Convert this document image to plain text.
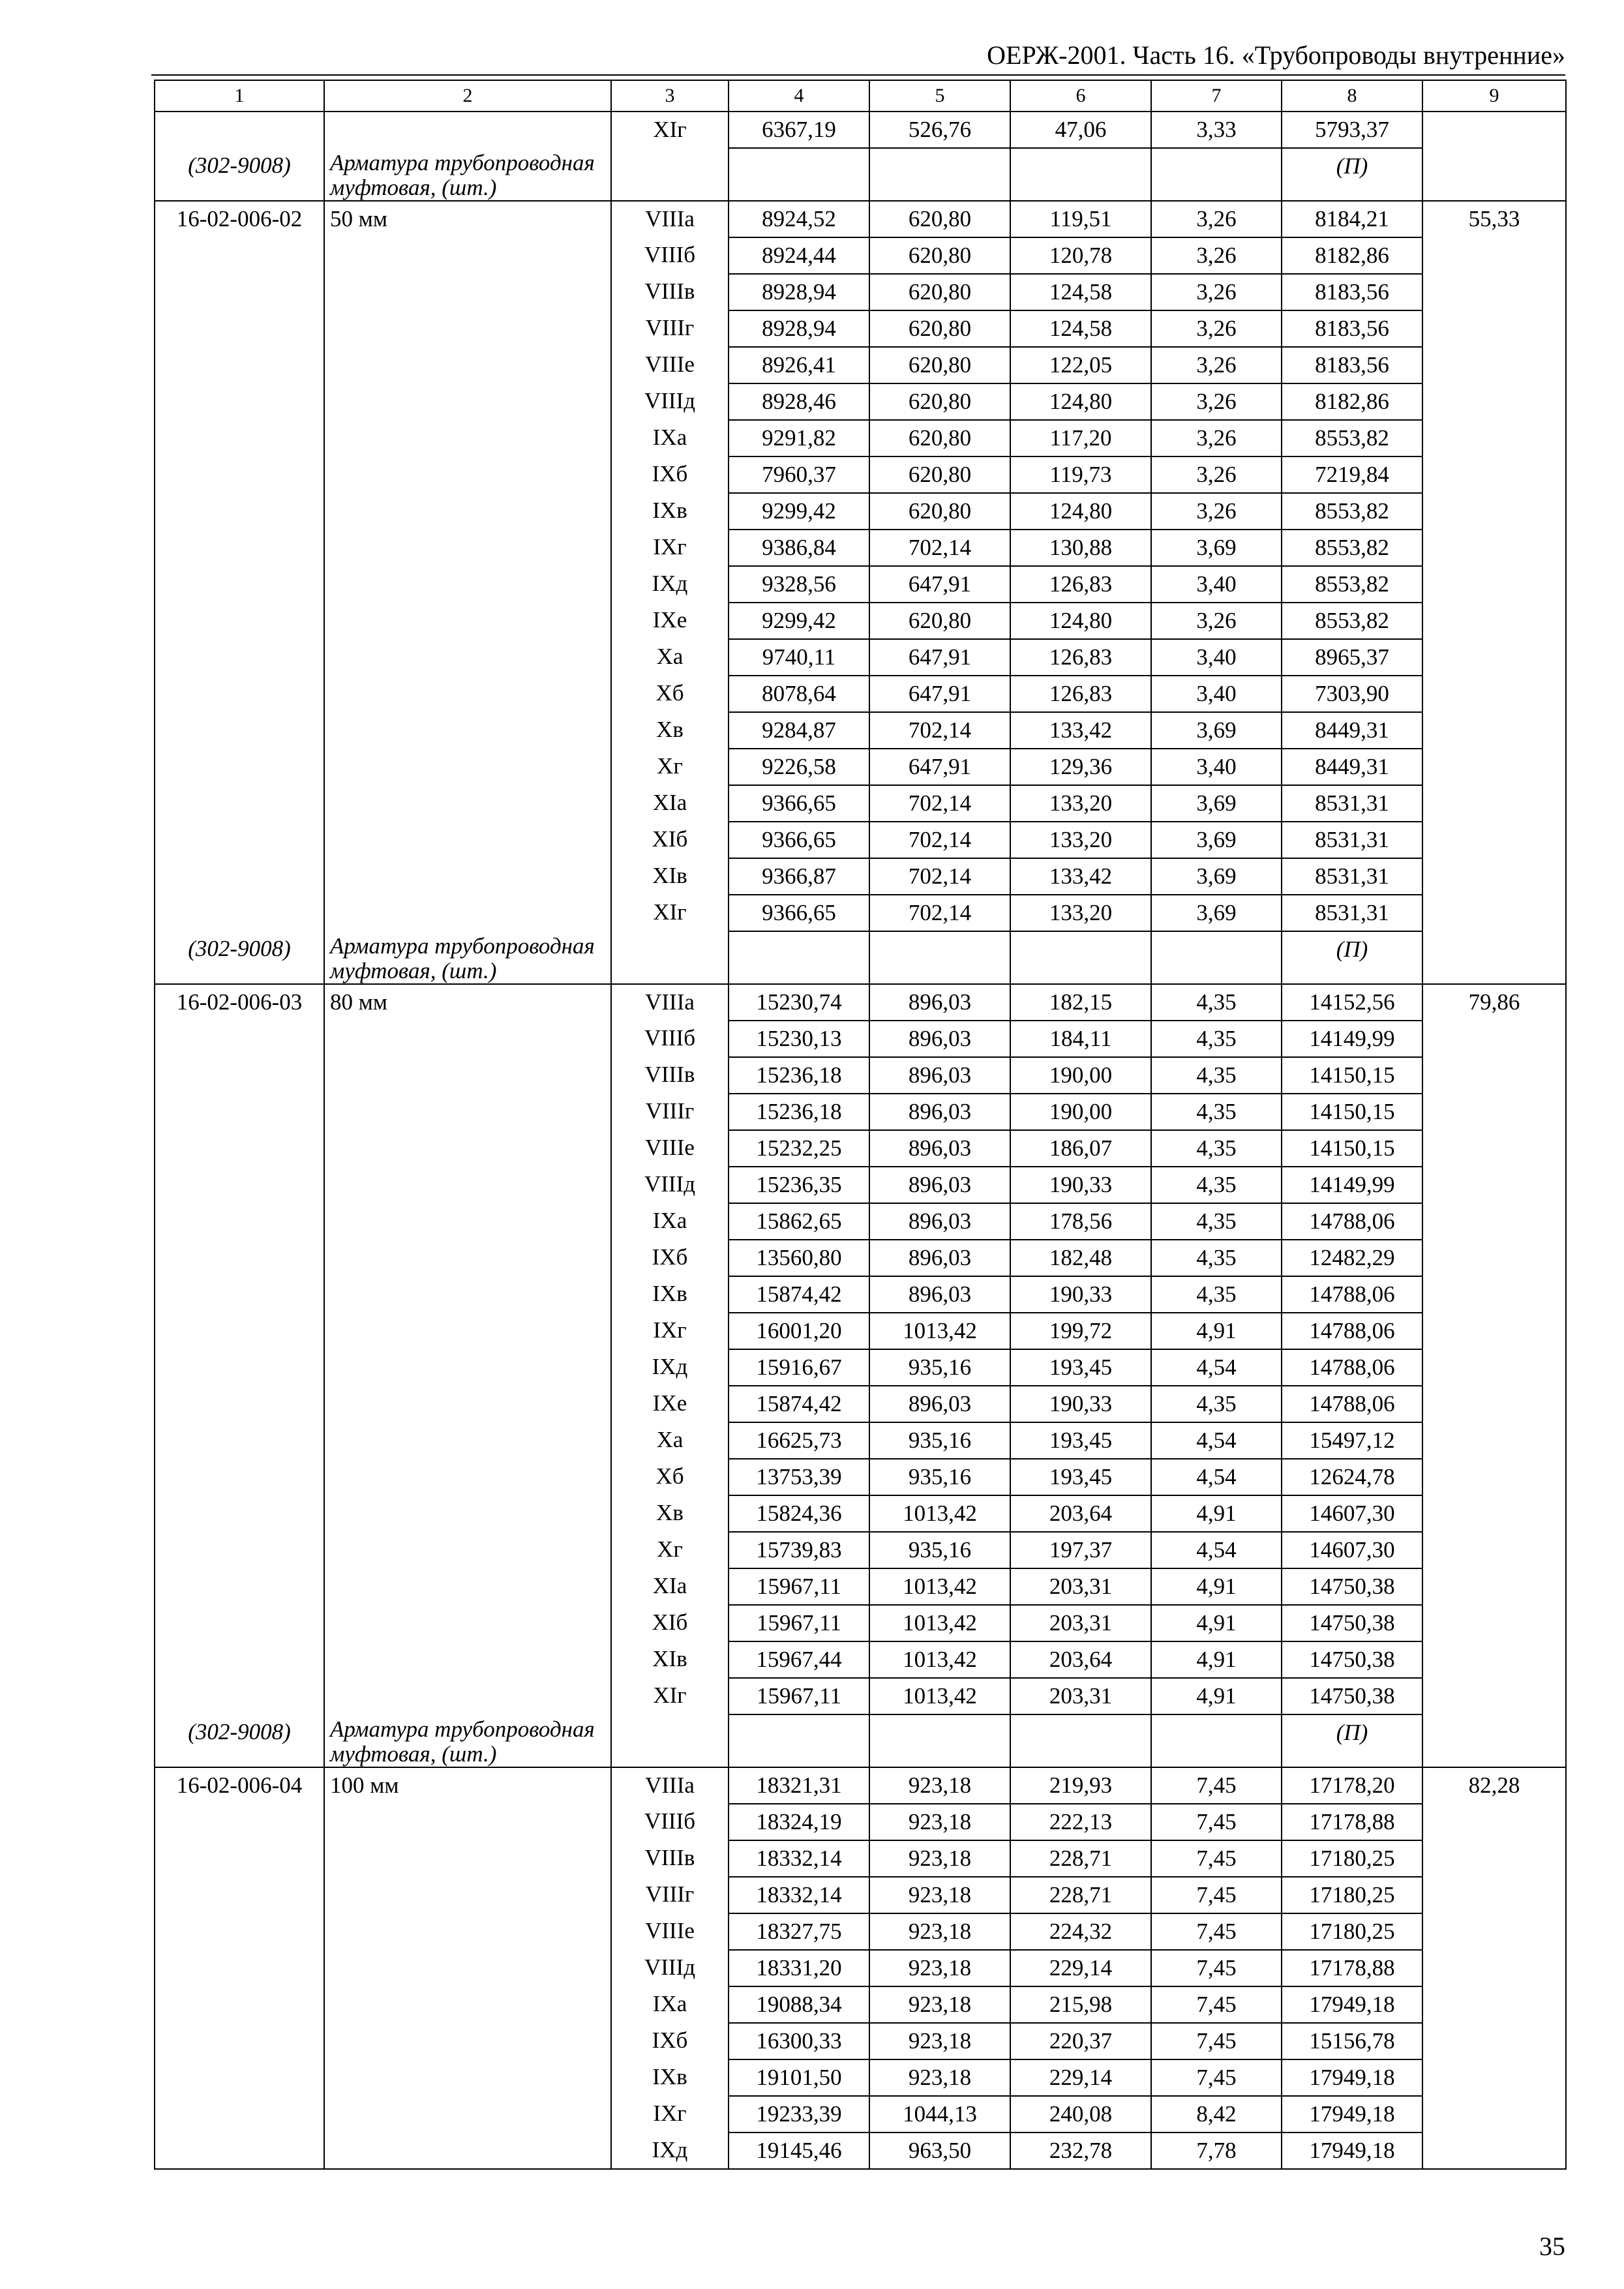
ОЕРЖ-2001. Часть 16. «Трубопроводы внутренние»
1	2	3	4	5	6	7	8	9
		XIг	6367,19	526,76	47,06	3,33	5793,37	
(302-9008)	Арматура трубопроводная муфтовая, (шт.)						(П)	
16-02-006-02	50 мм	VIIIа	8924,52	620,80	119,51	3,26	8184,21	55,33
		VIIIб	8924,44	620,80	120,78	3,26	8182,86	
		VIIIв	8928,94	620,80	124,58	3,26	8183,56	
		VIIIг	8928,94	620,80	124,58	3,26	8183,56	
		VIIIе	8926,41	620,80	122,05	3,26	8183,56	
		VIIIд	8928,46	620,80	124,80	3,26	8182,86	
		IXа	9291,82	620,80	117,20	3,26	8553,82	
		IXб	7960,37	620,80	119,73	3,26	7219,84	
		IXв	9299,42	620,80	124,80	3,26	8553,82	
		IXг	9386,84	702,14	130,88	3,69	8553,82	
		IXд	9328,56	647,91	126,83	3,40	8553,82	
		IXе	9299,42	620,80	124,80	3,26	8553,82	
		Xа	9740,11	647,91	126,83	3,40	8965,37	
		Xб	8078,64	647,91	126,83	3,40	7303,90	
		Xв	9284,87	702,14	133,42	3,69	8449,31	
		Xг	9226,58	647,91	129,36	3,40	8449,31	
		XIа	9366,65	702,14	133,20	3,69	8531,31	
		XIб	9366,65	702,14	133,20	3,69	8531,31	
		XIв	9366,87	702,14	133,42	3,69	8531,31	
		XIг	9366,65	702,14	133,20	3,69	8531,31	
(302-9008)	Арматура трубопроводная муфтовая, (шт.)						(П)	
16-02-006-03	80 мм	VIIIа	15230,74	896,03	182,15	4,35	14152,56	79,86
		VIIIб	15230,13	896,03	184,11	4,35	14149,99	
		VIIIв	15236,18	896,03	190,00	4,35	14150,15	
		VIIIг	15236,18	896,03	190,00	4,35	14150,15	
		VIIIе	15232,25	896,03	186,07	4,35	14150,15	
		VIIIд	15236,35	896,03	190,33	4,35	14149,99	
		IXа	15862,65	896,03	178,56	4,35	14788,06	
		IXб	13560,80	896,03	182,48	4,35	12482,29	
		IXв	15874,42	896,03	190,33	4,35	14788,06	
		IXг	16001,20	1013,42	199,72	4,91	14788,06	
		IXд	15916,67	935,16	193,45	4,54	14788,06	
		IXе	15874,42	896,03	190,33	4,35	14788,06	
		Xа	16625,73	935,16	193,45	4,54	15497,12	
		Xб	13753,39	935,16	193,45	4,54	12624,78	
		Xв	15824,36	1013,42	203,64	4,91	14607,30	
		Xг	15739,83	935,16	197,37	4,54	14607,30	
		XIа	15967,11	1013,42	203,31	4,91	14750,38	
		XIб	15967,11	1013,42	203,31	4,91	14750,38	
		XIв	15967,44	1013,42	203,64	4,91	14750,38	
		XIг	15967,11	1013,42	203,31	4,91	14750,38	
(302-9008)	Арматура трубопроводная муфтовая, (шт.)						(П)	
16-02-006-04	100 мм	VIIIа	18321,31	923,18	219,93	7,45	17178,20	82,28
		VIIIб	18324,19	923,18	222,13	7,45	17178,88	
		VIIIв	18332,14	923,18	228,71	7,45	17180,25	
		VIIIг	18332,14	923,18	228,71	7,45	17180,25	
		VIIIе	18327,75	923,18	224,32	7,45	17180,25	
		VIIIд	18331,20	923,18	229,14	7,45	17178,88	
		IXа	19088,34	923,18	215,98	7,45	17949,18	
		IXб	16300,33	923,18	220,37	7,45	15156,78	
		IXв	19101,50	923,18	229,14	7,45	17949,18	
		IXг	19233,39	1044,13	240,08	8,42	17949,18	
		IXд	19145,46	963,50	232,78	7,78	17949,18	
35
